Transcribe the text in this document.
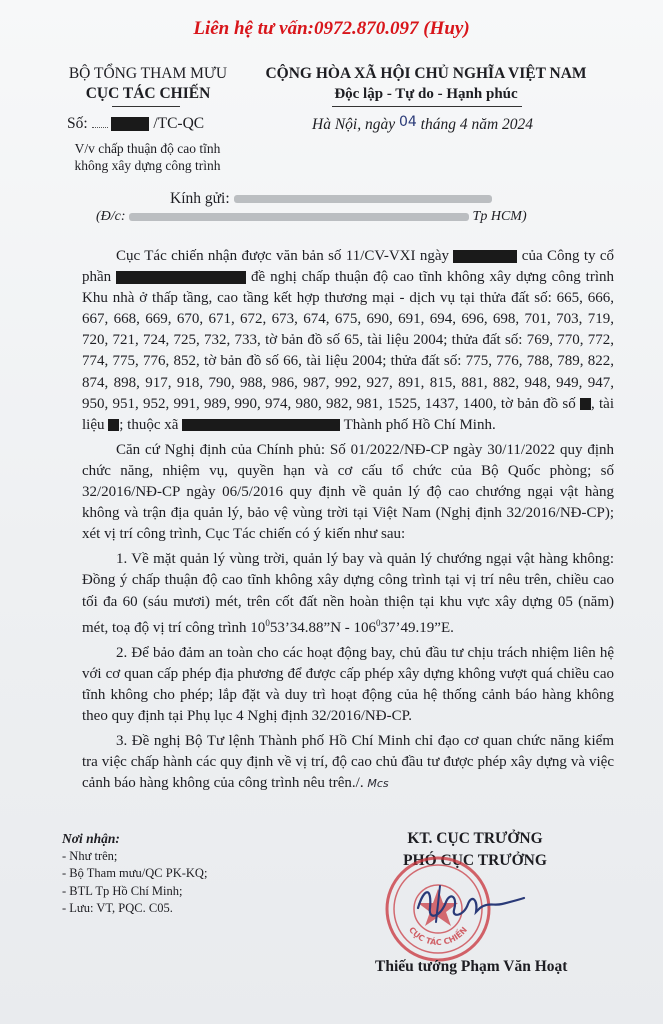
Liên hệ tư vấn:0972.870.097 (Huy)
BỘ TỔNG THAM MƯU
CỤC TÁC CHIẾN
Số:	/TC-QC
V/v chấp thuận độ cao tĩnh
không xây dựng công trình
CỘNG HÒA XÃ HỘI CHỦ NGHĨA VIỆT NAM
Độc lập - Tự do - Hạnh phúc
Hà Nội, ngày 04 tháng 4 năm 2024
Kính gửi:
(Đ/c:	Tp HCM)

Cục Tác chiến nhận được văn bản số 11/CV-VXI ngày	của Công ty cổ phần	đề nghị chấp thuận độ cao tĩnh không xây dựng công trình Khu nhà ở thấp tầng, cao tầng kết hợp thương mại - dịch vụ tại thửa đất số: 665, 666, 667, 668, 669, 670, 671, 672, 673, 674, 675, 690, 691, 694, 696, 698, 701, 703, 719, 720, 721, 724, 725, 732, 733, tờ bản đồ số 65, tài liệu 2004; thửa đất số: 769, 770, 772, 774, 775, 776, 852, tờ bản đồ số 66, tài liệu 2004; thửa đất số: 775, 776, 788, 789, 822, 874, 898, 917, 918, 790, 988, 986, 987, 992, 927, 891, 815, 881, 882, 948, 949, 947, 950, 951, 952, 991, 989, 990, 974, 980, 982, 981, 1525, 1437, 1400, tờ bản đồ số , tài liệu ; thuộc xã	Thành phố Hồ Chí Minh.

Căn cứ Nghị định của Chính phủ: Số 01/2022/NĐ-CP ngày 30/11/2022 quy định chức năng, nhiệm vụ, quyền hạn và cơ cấu tổ chức của Bộ Quốc phòng; số 32/2016/NĐ-CP ngày 06/5/2016 quy định về quản lý độ cao chướng ngại vật hàng không và trận địa quản lý, bảo vệ vùng trời tại Việt Nam (Nghị định 32/2016/NĐ-CP); xét vị trí công trình, Cục Tác chiến có ý kiến như sau:

1. Về mặt quản lý vùng trời, quản lý bay và quản lý chướng ngại vật hàng không: Đồng ý chấp thuận độ cao tĩnh không xây dựng công trình tại vị trí nêu trên, chiều cao tối đa 60 (sáu mươi) mét, trên cốt đất nền hoàn thiện tại khu vực xây dựng 05 (năm) mét, toạ độ vị trí công trình $10^053’34.88”N$ - $106^037’49.19”E$.

2. Để bảo đảm an toàn cho các hoạt động bay, chủ đầu tư chịu trách nhiệm liên hệ với cơ quan cấp phép địa phương để được cấp phép xây dựng không vượt quá chiều cao tĩnh không cho phép; lắp đặt và duy trì hoạt động của hệ thống cảnh báo hàng không theo quy định tại Phụ lục 4 Nghị định 32/2016/NĐ-CP.

3. Đề nghị Bộ Tư lệnh Thành phố Hồ Chí Minh chỉ đạo cơ quan chức năng kiểm tra việc chấp hành các quy định về vị trí, độ cao chủ đầu tư được phép xây dựng và việc cảnh báo hàng không của công trình nêu trên./. Mcs

Nơi nhận:
- Như trên;
- Bộ Tham mưu/QC PK-KQ;
- BTL Tp Hồ Chí Minh;
- Lưu: VT, PQC. C05.
KT. CỤC TRƯỞNG
PHÓ CỤC TRƯỞNG
CỤC TÁC CHIẾN
Thiếu tướng Phạm Văn Hoạt
